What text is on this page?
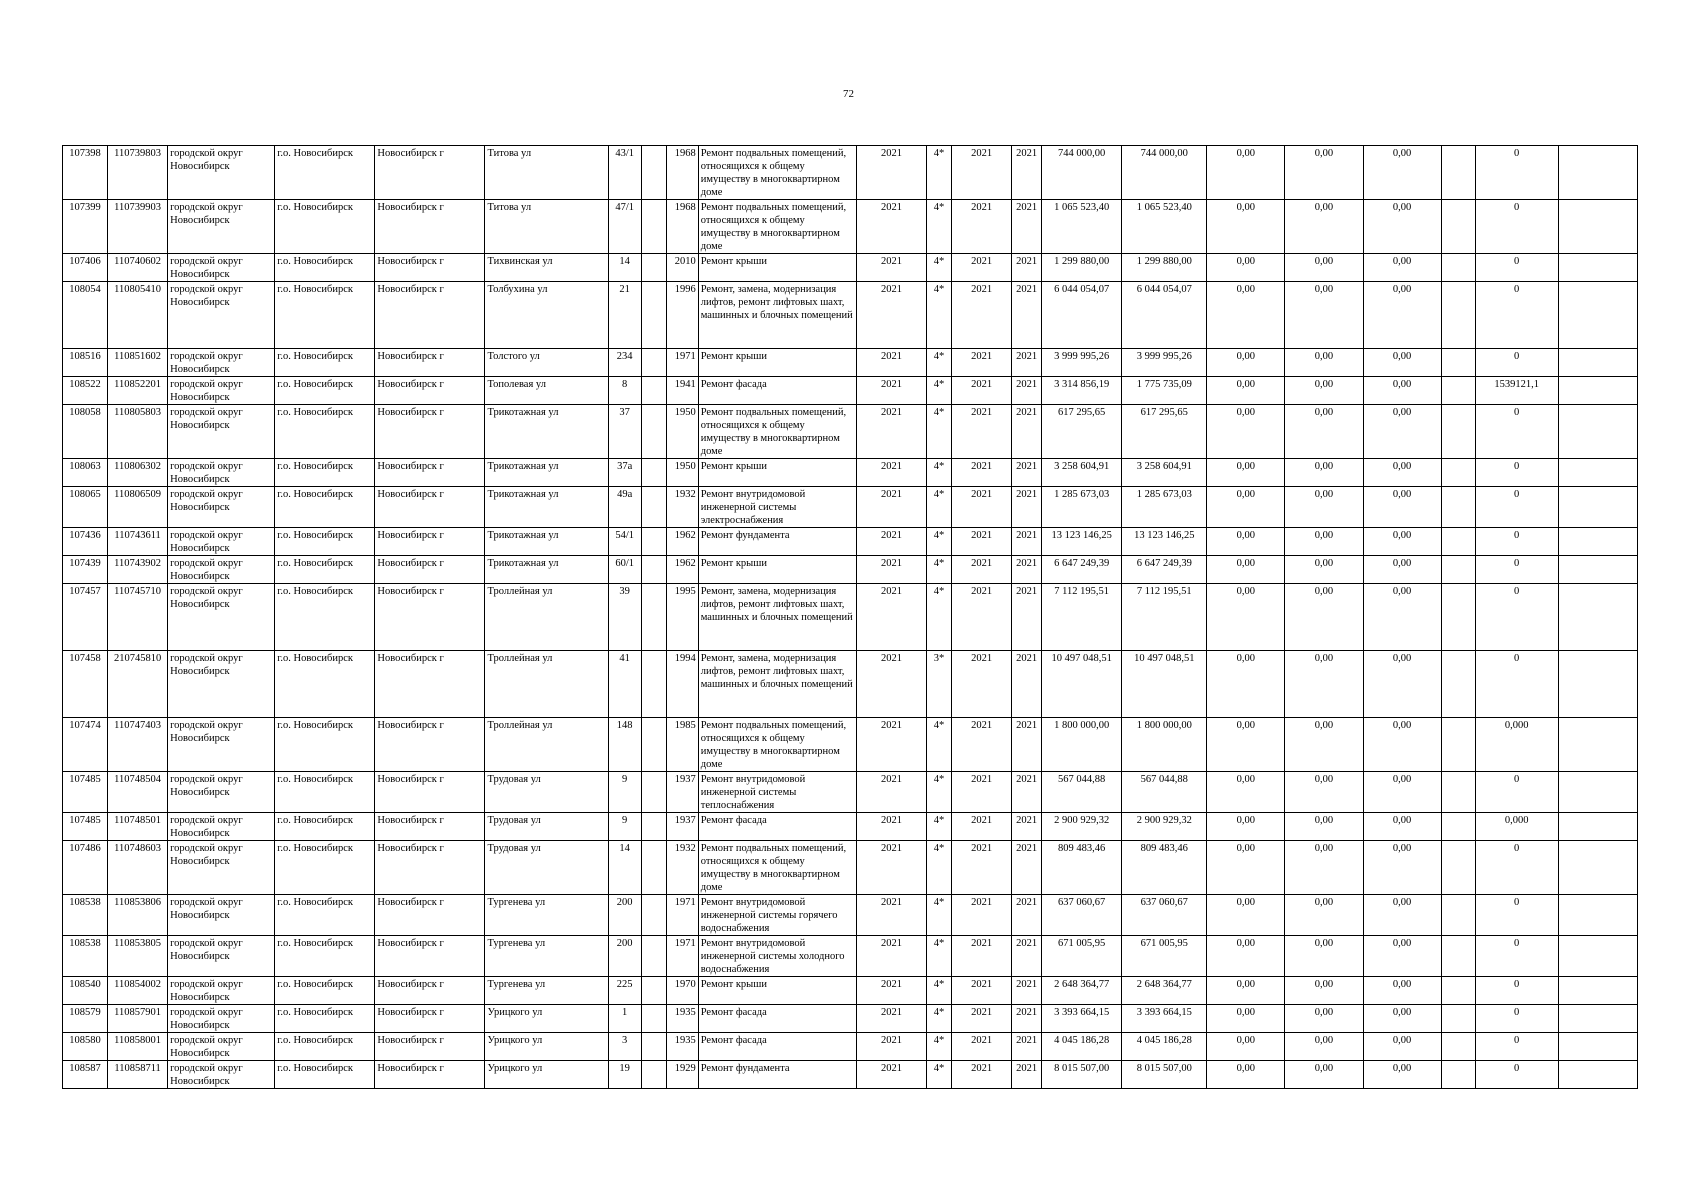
72
107398	110739803	городской округ Новосибирск	г.о. Новосибирск	Новосибирск г	Титова ул	43/1		1968	Ремонт подвальных помещений, относящихся к общему имуществу в многоквартирном доме	2021	4*	2021	2021	744 000,00	744 000,00	0,00	0,00	0,00		0	
107399	110739903	городской округ Новосибирск	г.о. Новосибирск	Новосибирск г	Титова ул	47/1		1968	Ремонт подвальных помещений, относящихся к общему имуществу в многоквартирном доме	2021	4*	2021	2021	1 065 523,40	1 065 523,40	0,00	0,00	0,00		0	
107406	110740602	городской округ Новосибирск	г.о. Новосибирск	Новосибирск г	Тихвинская ул	14		2010	Ремонт крыши	2021	4*	2021	2021	1 299 880,00	1 299 880,00	0,00	0,00	0,00		0	
108054	110805410	городской округ Новосибирск	г.о. Новосибирск	Новосибирск г	Толбухина ул	21		1996	Ремонт, замена, модернизация лифтов, ремонт лифтовых шахт, машинных и блочных помещений	2021	4*	2021	2021	6 044 054,07	6 044 054,07	0,00	0,00	0,00		0	
108516	110851602	городской округ Новосибирск	г.о. Новосибирск	Новосибирск г	Толстого ул	234		1971	Ремонт крыши	2021	4*	2021	2021	3 999 995,26	3 999 995,26	0,00	0,00	0,00		0	
108522	110852201	городской округ Новосибирск	г.о. Новосибирск	Новосибирск г	Тополевая ул	8		1941	Ремонт фасада	2021	4*	2021	2021	3 314 856,19	1 775 735,09	0,00	0,00	0,00		1539121,1	
108058	110805803	городской округ Новосибирск	г.о. Новосибирск	Новосибирск г	Трикотажная ул	37		1950	Ремонт подвальных помещений, относящихся к общему имуществу в многоквартирном доме	2021	4*	2021	2021	617 295,65	617 295,65	0,00	0,00	0,00		0	
108063	110806302	городской округ Новосибирск	г.о. Новосибирск	Новосибирск г	Трикотажная ул	37а		1950	Ремонт крыши	2021	4*	2021	2021	3 258 604,91	3 258 604,91	0,00	0,00	0,00		0	
108065	110806509	городской округ Новосибирск	г.о. Новосибирск	Новосибирск г	Трикотажная ул	49а		1932	Ремонт внутридомовой инженерной системы электроснабжения	2021	4*	2021	2021	1 285 673,03	1 285 673,03	0,00	0,00	0,00		0	
107436	110743611	городской округ Новосибирск	г.о. Новосибирск	Новосибирск г	Трикотажная ул	54/1		1962	Ремонт фундамента	2021	4*	2021	2021	13 123 146,25	13 123 146,25	0,00	0,00	0,00		0	
107439	110743902	городской округ Новосибирск	г.о. Новосибирск	Новосибирск г	Трикотажная ул	60/1		1962	Ремонт крыши	2021	4*	2021	2021	6 647 249,39	6 647 249,39	0,00	0,00	0,00		0	
107457	110745710	городской округ Новосибирск	г.о. Новосибирск	Новосибирск г	Троллейная ул	39		1995	Ремонт, замена, модернизация лифтов, ремонт лифтовых шахт, машинных и блочных помещений	2021	4*	2021	2021	7 112 195,51	7 112 195,51	0,00	0,00	0,00		0	
107458	210745810	городской округ Новосибирск	г.о. Новосибирск	Новосибирск г	Троллейная ул	41		1994	Ремонт, замена, модернизация лифтов, ремонт лифтовых шахт, машинных и блочных помещений	2021	3*	2021	2021	10 497 048,51	10 497 048,51	0,00	0,00	0,00		0	
107474	110747403	городской округ Новосибирск	г.о. Новосибирск	Новосибирск г	Троллейная ул	148		1985	Ремонт подвальных помещений, относящихся к общему имуществу в многоквартирном доме	2021	4*	2021	2021	1 800 000,00	1 800 000,00	0,00	0,00	0,00		0,000	
107485	110748504	городской округ Новосибирск	г.о. Новосибирск	Новосибирск г	Трудовая ул	9		1937	Ремонт внутридомовой инженерной системы теплоснабжения	2021	4*	2021	2021	567 044,88	567 044,88	0,00	0,00	0,00		0	
107485	110748501	городской округ Новосибирск	г.о. Новосибирск	Новосибирск г	Трудовая ул	9		1937	Ремонт фасада	2021	4*	2021	2021	2 900 929,32	2 900 929,32	0,00	0,00	0,00		0,000	
107486	110748603	городской округ Новосибирск	г.о. Новосибирск	Новосибирск г	Трудовая ул	14		1932	Ремонт подвальных помещений, относящихся к общему имуществу в многоквартирном доме	2021	4*	2021	2021	809 483,46	809 483,46	0,00	0,00	0,00		0	
108538	110853806	городской округ Новосибирск	г.о. Новосибирск	Новосибирск г	Тургенева ул	200		1971	Ремонт внутридомовой инженерной системы горячего водоснабжения	2021	4*	2021	2021	637 060,67	637 060,67	0,00	0,00	0,00		0	
108538	110853805	городской округ Новосибирск	г.о. Новосибирск	Новосибирск г	Тургенева ул	200		1971	Ремонт внутридомовой инженерной системы холодного водоснабжения	2021	4*	2021	2021	671 005,95	671 005,95	0,00	0,00	0,00		0	
108540	110854002	городской округ Новосибирск	г.о. Новосибирск	Новосибирск г	Тургенева ул	225		1970	Ремонт крыши	2021	4*	2021	2021	2 648 364,77	2 648 364,77	0,00	0,00	0,00		0	
108579	110857901	городской округ Новосибирск	г.о. Новосибирск	Новосибирск г	Урицкого ул	1		1935	Ремонт фасада	2021	4*	2021	2021	3 393 664,15	3 393 664,15	0,00	0,00	0,00		0	
108580	110858001	городской округ Новосибирск	г.о. Новосибирск	Новосибирск г	Урицкого ул	3		1935	Ремонт фасада	2021	4*	2021	2021	4 045 186,28	4 045 186,28	0,00	0,00	0,00		0	
108587	110858711	городской округ Новосибирск	г.о. Новосибирск	Новосибирск г	Урицкого ул	19		1929	Ремонт фундамента	2021	4*	2021	2021	8 015 507,00	8 015 507,00	0,00	0,00	0,00		0	
